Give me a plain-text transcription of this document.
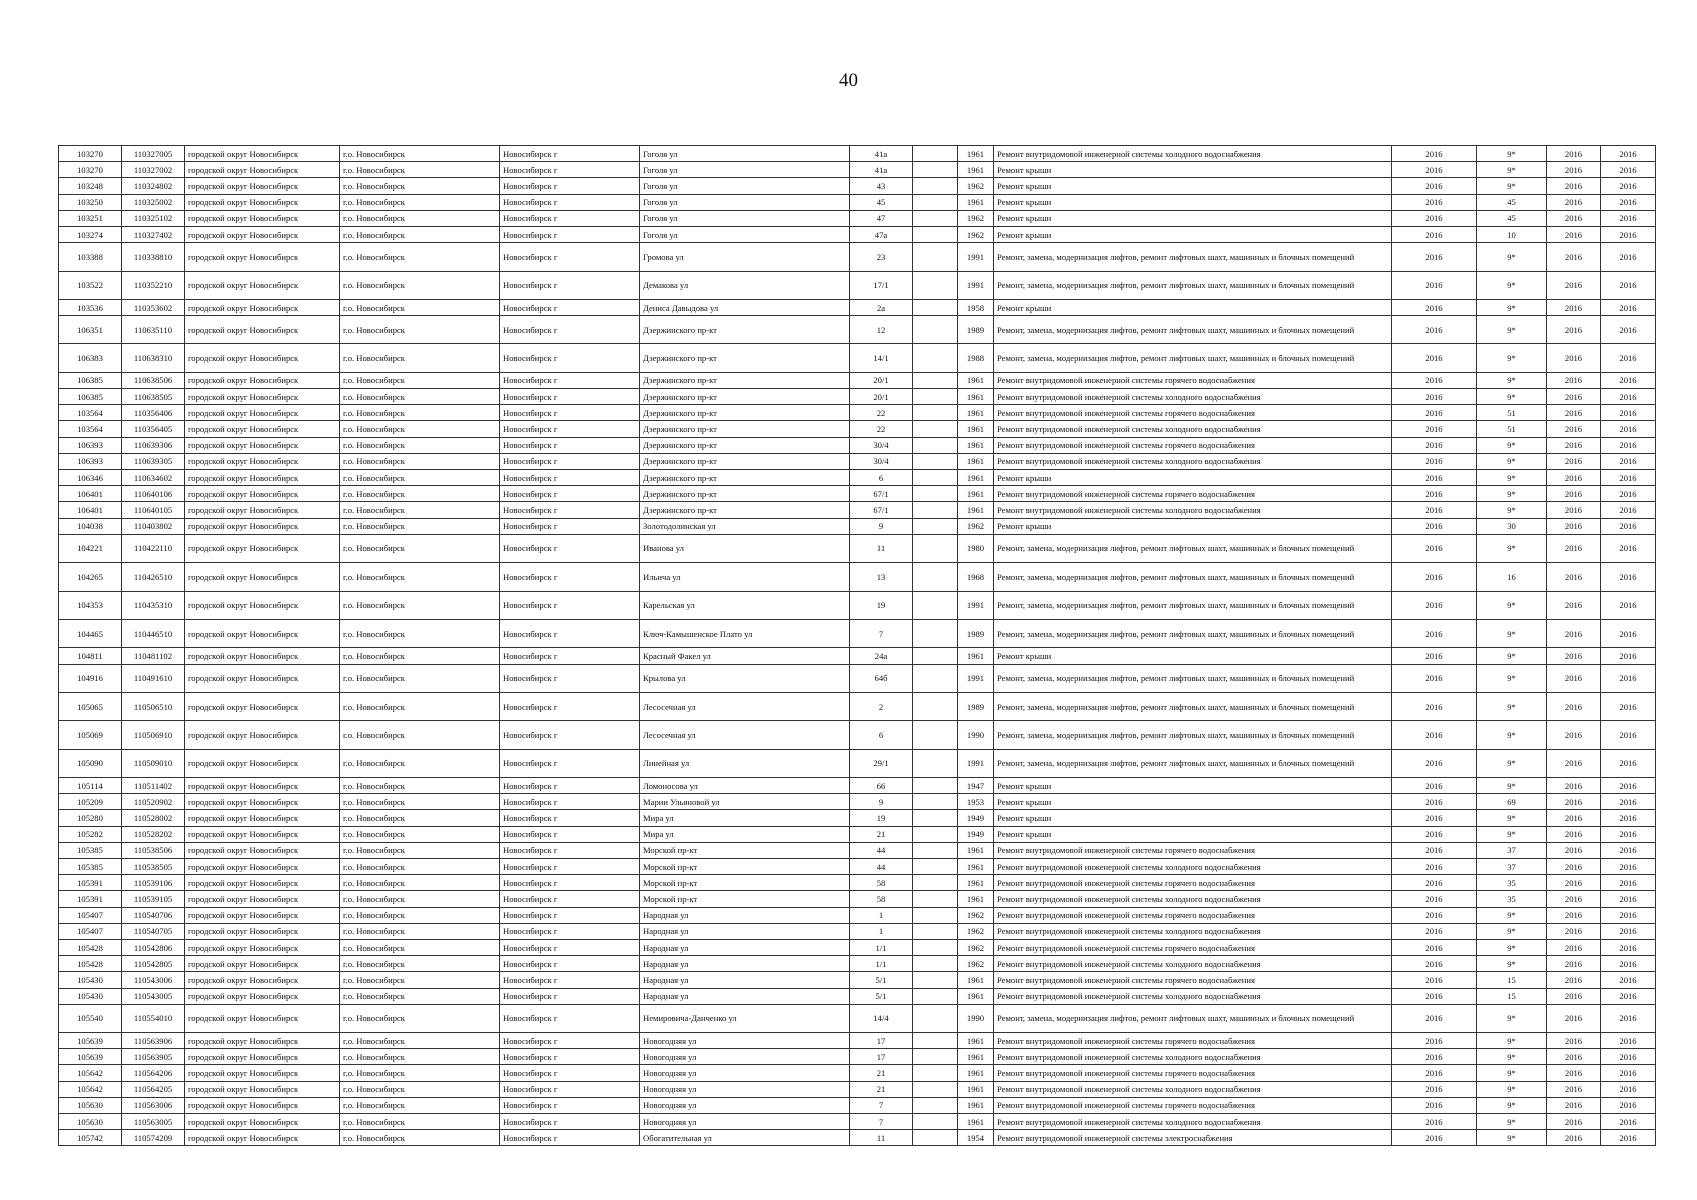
40
103270	110327005	городской округ Новосибирск	г.о. Новосибирск	Новосибирск г	Гоголя ул	41а		1961	Ремонт внутридомовой инженерной системы холодного водоснабжения	2016	9*	2016	2016
103270	110327002	городской округ Новосибирск	г.о. Новосибирск	Новосибирск г	Гоголя ул	41а		1961	Ремонт крыши	2016	9*	2016	2016
103248	110324802	городской округ Новосибирск	г.о. Новосибирск	Новосибирск г	Гоголя ул	43		1962	Ремонт крыши	2016	9*	2016	2016
103250	110325002	городской округ Новосибирск	г.о. Новосибирск	Новосибирск г	Гоголя ул	45		1961	Ремонт крыши	2016	45	2016	2016
103251	110325102	городской округ Новосибирск	г.о. Новосибирск	Новосибирск г	Гоголя ул	47		1962	Ремонт крыши	2016	45	2016	2016
103274	110327402	городской округ Новосибирск	г.о. Новосибирск	Новосибирск г	Гоголя ул	47а		1962	Ремонт крыши	2016	10	2016	2016
103388	110338810	городской округ Новосибирск	г.о. Новосибирск	Новосибирск г	Громова ул	23		1991	Ремонт, замена, модернизация лифтов, ремонт лифтовых шахт, машинных и блочных помещений	2016	9*	2016	2016
103522	110352210	городской округ Новосибирск	г.о. Новосибирск	Новосибирск г	Демакова ул	17/1		1991	Ремонт, замена, модернизация лифтов, ремонт лифтовых шахт, машинных и блочных помещений	2016	9*	2016	2016
103536	110353602	городской округ Новосибирск	г.о. Новосибирск	Новосибирск г	Дениса Давыдова ул	2а		1958	Ремонт крыши	2016	9*	2016	2016
106351	110635110	городской округ Новосибирск	г.о. Новосибирск	Новосибирск г	Дзержинского пр-кт	12		1989	Ремонт, замена, модернизация лифтов, ремонт лифтовых шахт, машинных и блочных помещений	2016	9*	2016	2016
106383	110638310	городской округ Новосибирск	г.о. Новосибирск	Новосибирск г	Дзержинского пр-кт	14/1		1988	Ремонт, замена, модернизация лифтов, ремонт лифтовых шахт, машинных и блочных помещений	2016	9*	2016	2016
106385	110638506	городской округ Новосибирск	г.о. Новосибирск	Новосибирск г	Дзержинского пр-кт	20/1		1961	Ремонт внутридомовой инженерной системы горячего водоснабжения	2016	9*	2016	2016
106385	110638505	городской округ Новосибирск	г.о. Новосибирск	Новосибирск г	Дзержинского пр-кт	20/1		1961	Ремонт внутридомовой инженерной системы холодного водоснабжения	2016	9*	2016	2016
103564	110356406	городской округ Новосибирск	г.о. Новосибирск	Новосибирск г	Дзержинского пр-кт	22		1961	Ремонт внутридомовой инженерной системы горячего водоснабжения	2016	51	2016	2016
103564	110356405	городской округ Новосибирск	г.о. Новосибирск	Новосибирск г	Дзержинского пр-кт	22		1961	Ремонт внутридомовой инженерной системы холодного водоснабжения	2016	51	2016	2016
106393	110639306	городской округ Новосибирск	г.о. Новосибирск	Новосибирск г	Дзержинского пр-кт	30/4		1961	Ремонт внутридомовой инженерной системы горячего водоснабжения	2016	9*	2016	2016
106393	110639305	городской округ Новосибирск	г.о. Новосибирск	Новосибирск г	Дзержинского пр-кт	30/4		1961	Ремонт внутридомовой инженерной системы холодного водоснабжения	2016	9*	2016	2016
106346	110634602	городской округ Новосибирск	г.о. Новосибирск	Новосибирск г	Дзержинского пр-кт	6		1961	Ремонт крыши	2016	9*	2016	2016
106401	110640106	городской округ Новосибирск	г.о. Новосибирск	Новосибирск г	Дзержинского пр-кт	67/1		1961	Ремонт внутридомовой инженерной системы горячего водоснабжения	2016	9*	2016	2016
106401	110640105	городской округ Новосибирск	г.о. Новосибирск	Новосибирск г	Дзержинского пр-кт	67/1		1961	Ремонт внутридомовой инженерной системы холодного водоснабжения	2016	9*	2016	2016
104038	110403802	городской округ Новосибирск	г.о. Новосибирск	Новосибирск г	Золотодолинская ул	9		1962	Ремонт крыши	2016	30	2016	2016
104221	110422110	городской округ Новосибирск	г.о. Новосибирск	Новосибирск г	Иванова ул	11		1980	Ремонт, замена, модернизация лифтов, ремонт лифтовых шахт, машинных и блочных помещений	2016	9*	2016	2016
104265	110426510	городской округ Новосибирск	г.о. Новосибирск	Новосибирск г	Ильича ул	13		1968	Ремонт, замена, модернизация лифтов, ремонт лифтовых шахт, машинных и блочных помещений	2016	16	2016	2016
104353	110435310	городской округ Новосибирск	г.о. Новосибирск	Новосибирск г	Карельская ул	19		1991	Ремонт, замена, модернизация лифтов, ремонт лифтовых шахт, машинных и блочных помещений	2016	9*	2016	2016
104465	110446510	городской округ Новосибирск	г.о. Новосибирск	Новосибирск г	Ключ-Камышенское Плато ул	7		1989	Ремонт, замена, модернизация лифтов, ремонт лифтовых шахт, машинных и блочных помещений	2016	9*	2016	2016
104811	110481102	городской округ Новосибирск	г.о. Новосибирск	Новосибирск г	Красный Факел ул	24а		1961	Ремонт крыши	2016	9*	2016	2016
104916	110491610	городской округ Новосибирск	г.о. Новосибирск	Новосибирск г	Крылова ул	64б		1991	Ремонт, замена, модернизация лифтов, ремонт лифтовых шахт, машинных и блочных помещений	2016	9*	2016	2016
105065	110506510	городской округ Новосибирск	г.о. Новосибирск	Новосибирск г	Лесосечная ул	2		1989	Ремонт, замена, модернизация лифтов, ремонт лифтовых шахт, машинных и блочных помещений	2016	9*	2016	2016
105069	110506910	городской округ Новосибирск	г.о. Новосибирск	Новосибирск г	Лесосечная ул	6		1990	Ремонт, замена, модернизация лифтов, ремонт лифтовых шахт, машинных и блочных помещений	2016	9*	2016	2016
105090	110509010	городской округ Новосибирск	г.о. Новосибирск	Новосибирск г	Линейная ул	29/1		1991	Ремонт, замена, модернизация лифтов, ремонт лифтовых шахт, машинных и блочных помещений	2016	9*	2016	2016
105114	110511402	городской округ Новосибирск	г.о. Новосибирск	Новосибирск г	Ломоносова ул	66		1947	Ремонт крыши	2016	9*	2016	2016
105209	110520902	городской округ Новосибирск	г.о. Новосибирск	Новосибирск г	Марии Ульяновой ул	9		1953	Ремонт крыши	2016	69	2016	2016
105280	110528002	городской округ Новосибирск	г.о. Новосибирск	Новосибирск г	Мира ул	19		1949	Ремонт крыши	2016	9*	2016	2016
105282	110528202	городской округ Новосибирск	г.о. Новосибирск	Новосибирск г	Мира ул	21		1949	Ремонт крыши	2016	9*	2016	2016
105385	110538506	городской округ Новосибирск	г.о. Новосибирск	Новосибирск г	Морской пр-кт	44		1961	Ремонт внутридомовой инженерной системы горячего водоснабжения	2016	37	2016	2016
105385	110538505	городской округ Новосибирск	г.о. Новосибирск	Новосибирск г	Морской пр-кт	44		1961	Ремонт внутридомовой инженерной системы холодного водоснабжения	2016	37	2016	2016
105391	110539106	городской округ Новосибирск	г.о. Новосибирск	Новосибирск г	Морской пр-кт	58		1961	Ремонт внутридомовой инженерной системы горячего водоснабжения	2016	35	2016	2016
105391	110539105	городской округ Новосибирск	г.о. Новосибирск	Новосибирск г	Морской пр-кт	58		1961	Ремонт внутридомовой инженерной системы холодного водоснабжения	2016	35	2016	2016
105407	110540706	городской округ Новосибирск	г.о. Новосибирск	Новосибирск г	Народная ул	1		1962	Ремонт внутридомовой инженерной системы горячего водоснабжения	2016	9*	2016	2016
105407	110540705	городской округ Новосибирск	г.о. Новосибирск	Новосибирск г	Народная ул	1		1962	Ремонт внутридомовой инженерной системы холодного водоснабжения	2016	9*	2016	2016
105428	110542806	городской округ Новосибирск	г.о. Новосибирск	Новосибирск г	Народная ул	1/1		1962	Ремонт внутридомовой инженерной системы горячего водоснабжения	2016	9*	2016	2016
105428	110542805	городской округ Новосибирск	г.о. Новосибирск	Новосибирск г	Народная ул	1/1		1962	Ремонт внутридомовой инженерной системы холодного водоснабжения	2016	9*	2016	2016
105430	110543006	городской округ Новосибирск	г.о. Новосибирск	Новосибирск г	Народная ул	5/1		1961	Ремонт внутридомовой инженерной системы горячего водоснабжения	2016	15	2016	2016
105430	110543005	городской округ Новосибирск	г.о. Новосибирск	Новосибирск г	Народная ул	5/1		1961	Ремонт внутридомовой инженерной системы холодного водоснабжения	2016	15	2016	2016
105540	110554010	городской округ Новосибирск	г.о. Новосибирск	Новосибирск г	Немировича-Данченко ул	14/4		1990	Ремонт, замена, модернизация лифтов, ремонт лифтовых шахт, машинных и блочных помещений	2016	9*	2016	2016
105639	110563906	городской округ Новосибирск	г.о. Новосибирск	Новосибирск г	Новогодняя ул	17		1961	Ремонт внутридомовой инженерной системы горячего водоснабжения	2016	9*	2016	2016
105639	110563905	городской округ Новосибирск	г.о. Новосибирск	Новосибирск г	Новогодняя ул	17		1961	Ремонт внутридомовой инженерной системы холодного водоснабжения	2016	9*	2016	2016
105642	110564206	городской округ Новосибирск	г.о. Новосибирск	Новосибирск г	Новогодняя ул	21		1961	Ремонт внутридомовой инженерной системы горячего водоснабжения	2016	9*	2016	2016
105642	110564205	городской округ Новосибирск	г.о. Новосибирск	Новосибирск г	Новогодняя ул	21		1961	Ремонт внутридомовой инженерной системы холодного водоснабжения	2016	9*	2016	2016
105630	110563006	городской округ Новосибирск	г.о. Новосибирск	Новосибирск г	Новогодняя ул	7		1961	Ремонт внутридомовой инженерной системы горячего водоснабжения	2016	9*	2016	2016
105630	110563005	городской округ Новосибирск	г.о. Новосибирск	Новосибирск г	Новогодняя ул	7		1961	Ремонт внутридомовой инженерной системы холодного водоснабжения	2016	9*	2016	2016
105742	110574209	городской округ Новосибирск	г.о. Новосибирск	Новосибирск г	Обогатительная ул	11		1954	Ремонт внутридомовой инженерной системы электроснабжения	2016	9*	2016	2016
